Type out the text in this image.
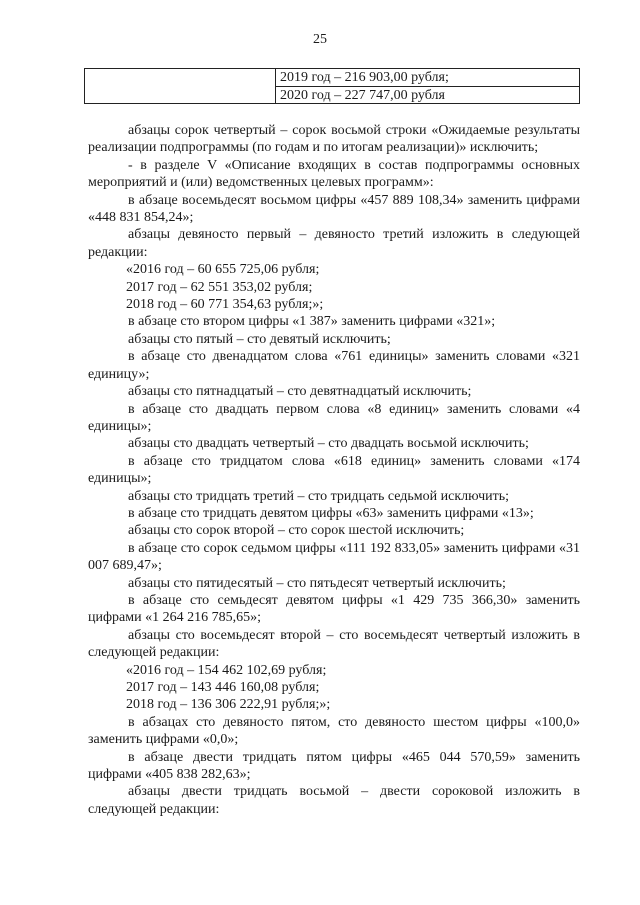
25
2019 год – 216 903,00 рубля;
2020 год – 227 747,00 рубля

абзацы сорок четвертый – сорок восьмой строки «Ожидаемые результаты реализации подпрограммы (по годам и по итогам реализации)» исключить;

- в разделе V «Описание входящих в состав подпрограммы основных мероприятий и (или) ведомственных целевых программ»:

в абзаце восемьдесят восьмом цифры «457 889 108,34» заменить цифрами «448 831 854,24»;

абзацы девяносто первый – девяносто третий изложить в следующей редакции:

«2016 год – 60 655 725,06 рубля;

2017 год – 62 551 353,02 рубля;

2018 год – 60 771 354,63 рубля;»;

в абзаце сто втором цифры «1 387» заменить цифрами «321»;

абзацы сто пятый – сто девятый исключить;

в абзаце сто двенадцатом слова «761 единицы» заменить словами «321 единицу»;

абзацы сто пятнадцатый – сто девятнадцатый исключить;

в абзаце сто двадцать первом слова «8 единиц» заменить словами «4 единицы»;

абзацы сто двадцать четвертый – сто двадцать восьмой исключить;

в абзаце сто тридцатом слова «618 единиц» заменить словами «174 единицы»;

абзацы сто тридцать третий – сто тридцать седьмой исключить;

в абзаце сто тридцать девятом цифры «63» заменить цифрами «13»;

абзацы сто сорок второй – сто сорок шестой исключить;

в абзаце сто сорок седьмом цифры «111 192 833,05» заменить цифрами «31 007 689,47»;

абзацы сто пятидесятый – сто пятьдесят четвертый исключить;

в абзаце сто семьдесят девятом цифры «1 429 735 366,30» заменить цифрами «1 264 216 785,65»;

абзацы сто восемьдесят второй – сто восемьдесят четвертый изложить в следующей редакции:

«2016 год – 154 462 102,69 рубля;

2017 год – 143 446 160,08 рубля;

2018 год – 136 306 222,91 рубля;»;

в абзацах сто девяносто пятом, сто девяносто шестом цифры «100,0» заменить цифрами «0,0»;

в абзаце двести тридцать пятом цифры «465 044 570,59» заменить цифрами «405 838 282,63»;

абзацы двести тридцать восьмой – двести сороковой изложить в следующей редакции:
